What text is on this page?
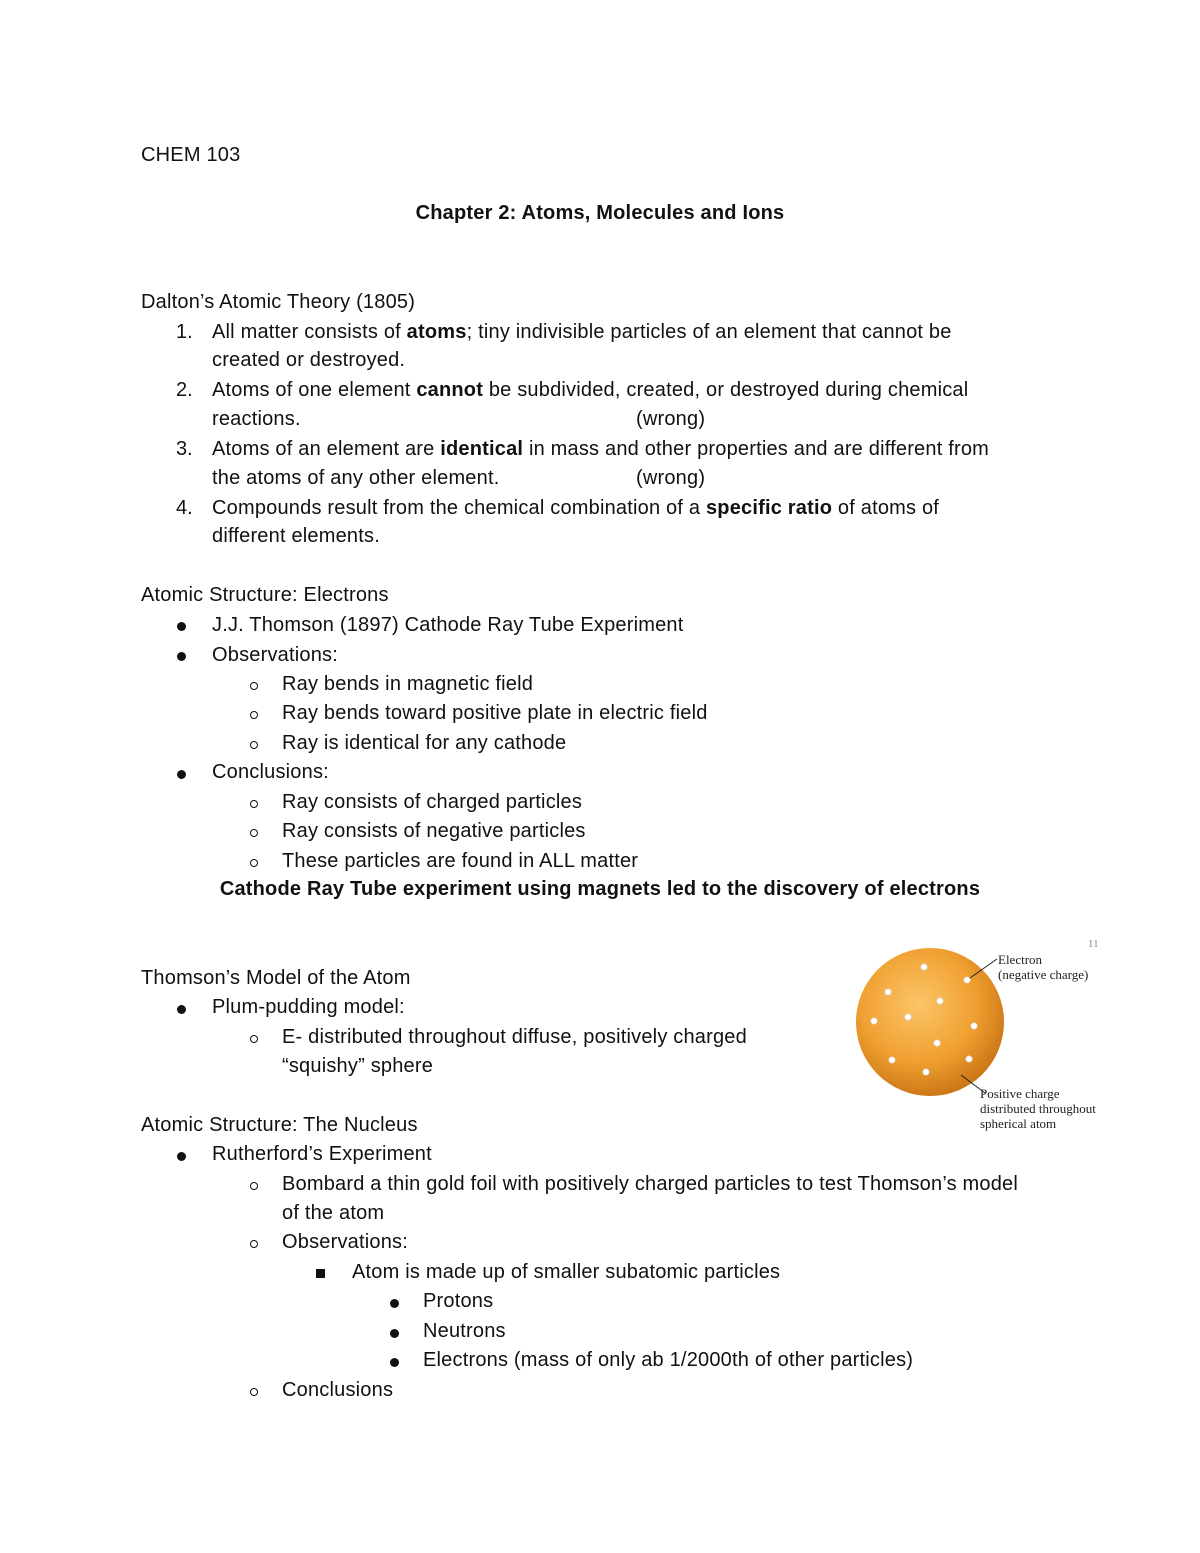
CHEM 103
Chapter 2: Atoms, Molecules and Ions
Dalton’s Atomic Theory (1805)
1. All matter consists of atoms; tiny indivisible particles of an element that cannot be
created or destroyed.
2. Atoms of one element cannot be subdivided, created, or destroyed during chemical
reactions.	(wrong)
3. Atoms of an element are identical in mass and other properties and are different from
the atoms of any other element.	(wrong)
4. Compounds result from the chemical combination of a specific ratio of atoms of
different elements.
Atomic Structure: Electrons
J.J. Thomson (1897) Cathode Ray Tube Experiment
Observations:
Ray bends in magnetic field
Ray bends toward positive plate in electric field
Ray is identical for any cathode
Conclusions:
Ray consists of charged particles
Ray consists of negative particles
These particles are found in ALL matter
Cathode Ray Tube experiment using magnets led to the discovery of electrons
Thomson’s Model of the Atom
Plum-pudding model:
E- distributed throughout diffuse, positively charged
“squishy” sphere
11
Electron
(negative charge)
Positive charge
distributed throughout
spherical atom
Atomic Structure: The Nucleus
Rutherford’s Experiment
Bombard a thin gold foil with positively charged particles to test Thomson’s model
of the atom
Observations:
Atom is made up of smaller subatomic particles
Protons
Neutrons
Electrons (mass of only ab 1/2000th of other particles)
Conclusions
